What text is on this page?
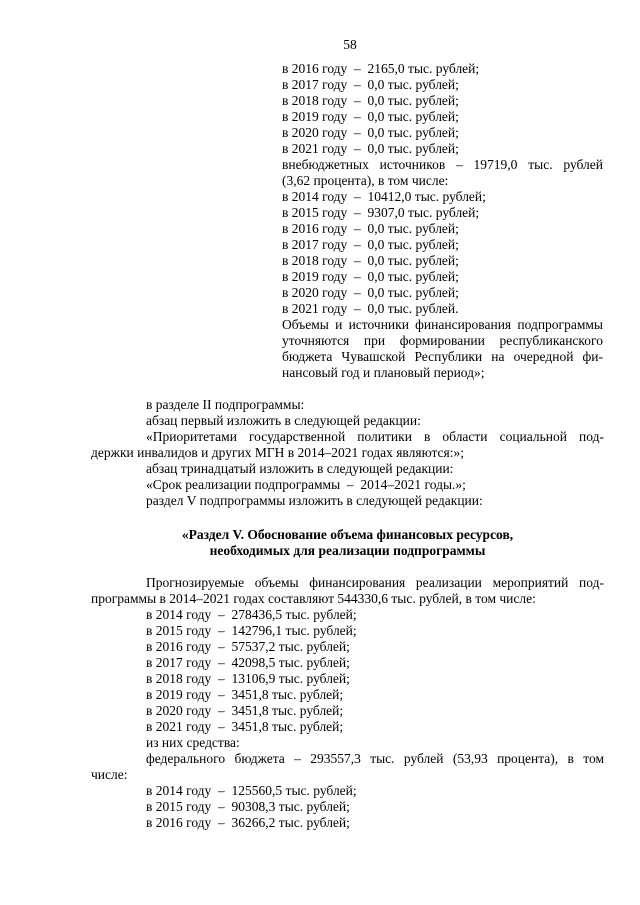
58
в 2016 году  –  2165,0 тыс. рублей;
в 2017 году  –  0,0 тыс. рублей;
в 2018 году  –  0,0 тыс. рублей;
в 2019 году  –  0,0 тыс. рублей;
в 2020 году  –  0,0 тыс. рублей;
в 2021 году  –  0,0 тыс. рублей;
внебюджетных источников – 19719,0 тыс. рублей
(3,62 процента), в том числе:
в 2014 году  –  10412,0 тыс. рублей;
в 2015 году  –  9307,0 тыс. рублей;
в 2016 году  –  0,0 тыс. рублей;
в 2017 году  –  0,0 тыс. рублей;
в 2018 году  –  0,0 тыс. рублей;
в 2019 году  –  0,0 тыс. рублей;
в 2020 году  –  0,0 тыс. рублей;
в 2021 году  –  0,0 тыс. рублей.
Объемы и источники финансирования подпрограммы
уточняются при формировании республиканского
бюджета Чувашской Республики на очередной фи-
нансовый год и плановый период»;
в разделе II подпрограммы:
абзац первый изложить в следующей редакции:
«Приоритетами государственной политики в области социальной под-
держки инвалидов и других МГН в 2014–2021 годах являются:»;
абзац тринадцатый изложить в следующей редакции:
«Срок реализации подпрограммы  –  2014–2021 годы.»;
раздел V подпрограммы изложить в следующей редакции:
«Раздел V. Обоснование объема финансовых ресурсов,
необходимых для реализации подпрограммы
Прогнозируемые объемы финансирования реализации мероприятий под-
программы в 2014–2021 годах составляют 544330,6 тыс. рублей, в том числе:
в 2014 году  –  278436,5 тыс. рублей;
в 2015 году  –  142796,1 тыс. рублей;
в 2016 году  –  57537,2 тыс. рублей;
в 2017 году  –  42098,5 тыс. рублей;
в 2018 году  –  13106,9 тыс. рублей;
в 2019 году  –  3451,8 тыс. рублей;
в 2020 году  –  3451,8 тыс. рублей;
в 2021 году  –  3451,8 тыс. рублей;
из них средства:
федерального бюджета – 293557,3 тыс. рублей (53,93 процента), в том
числе:
в 2014 году  –  125560,5 тыс. рублей;
в 2015 году  –  90308,3 тыс. рублей;
в 2016 году  –  36266,2 тыс. рублей;
